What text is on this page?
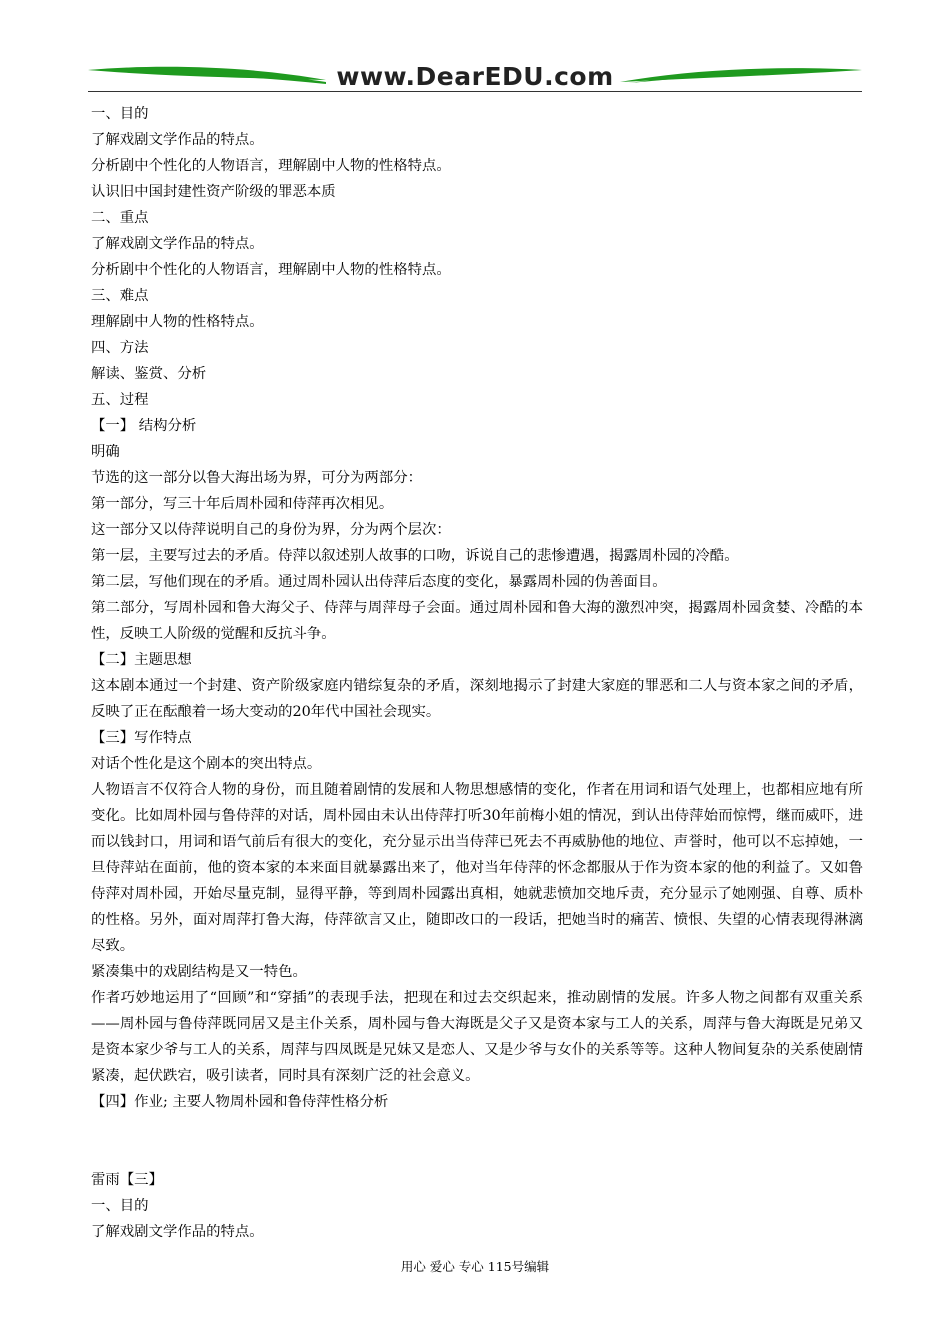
www.DearEDU.com

一、目的

了解戏剧文学作品的特点。

分析剧中个性化的人物语言，理解剧中人物的性格特点。

认识旧中国封建性资产阶级的罪恶本质

二、重点

了解戏剧文学作品的特点。

分析剧中个性化的人物语言，理解剧中人物的性格特点。

三、难点

理解剧中人物的性格特点。

四、方法

解读、鉴赏、分析

五、过程

【一】 结构分析

明确

节选的这一部分以鲁大海出场为界，可分为两部分：

第一部分，写三十年后周朴园和侍萍再次相见。

这一部分又以侍萍说明自己的身份为界，分为两个层次：

第一层，主要写过去的矛盾。侍萍以叙述别人故事的口吻，诉说自己的悲惨遭遇，揭露周朴园的冷酷。

第二层，写他们现在的矛盾。通过周朴园认出侍萍后态度的变化，暴露周朴园的伪善面目。

第二部分，写周朴园和鲁大海父子、侍萍与周萍母子会面。通过周朴园和鲁大海的激烈冲突，揭露周朴园贪婪、冷酷的本性，反映工人阶级的觉醒和反抗斗争。

【二】主题思想

这本剧本通过一个封建、资产阶级家庭内错综复杂的矛盾，深刻地揭示了封建大家庭的罪恶和二人与资本家之间的矛盾，反映了正在酝酿着一场大变动的20年代中国社会现实。

【三】写作特点

对话个性化是这个剧本的突出特点。

人物语言不仅符合人物的身份，而且随着剧情的发展和人物思想感情的变化，作者在用词和语气处理上，也都相应地有所变化。比如周朴园与鲁侍萍的对话，周朴园由未认出侍萍打听30年前梅小姐的情况，到认出侍萍始而惊愕，继而威吓，进而以钱封口，用词和语气前后有很大的变化，充分显示出当侍萍已死去不再威胁他的地位、声誉时，他可以不忘掉她，一旦侍萍站在面前，他的资本家的本来面目就暴露出来了，他对当年侍萍的怀念都服从于作为资本家的他的利益了。又如鲁侍萍对周朴园，开始尽量克制，显得平静，等到周朴园露出真相，她就悲愤加交地斥责，充分显示了她刚强、自尊、质朴的性格。另外，面对周萍打鲁大海，侍萍欲言又止，随即改口的一段话，把她当时的痛苦、愤恨、失望的心情表现得淋漓尽致。

紧凑集中的戏剧结构是又一特色。

作者巧妙地运用了“回顾”和“穿插”的表现手法，把现在和过去交织起来，推动剧情的发展。许多人物之间都有双重关系——周朴园与鲁侍萍既同居又是主仆关系，周朴园与鲁大海既是父子又是资本家与工人的关系，周萍与鲁大海既是兄弟又是资本家少爷与工人的关系，周萍与四凤既是兄妹又是恋人、又是少爷与女仆的关系等等。这种人物间复杂的关系使剧情紧凑，起伏跌宕，吸引读者，同时具有深刻广泛的社会意义。

【四】作业; 主要人物周朴园和鲁侍萍性格分析

雷雨【三】

一、目的

了解戏剧文学作品的特点。

用心 爱心 专心 115号编辑
